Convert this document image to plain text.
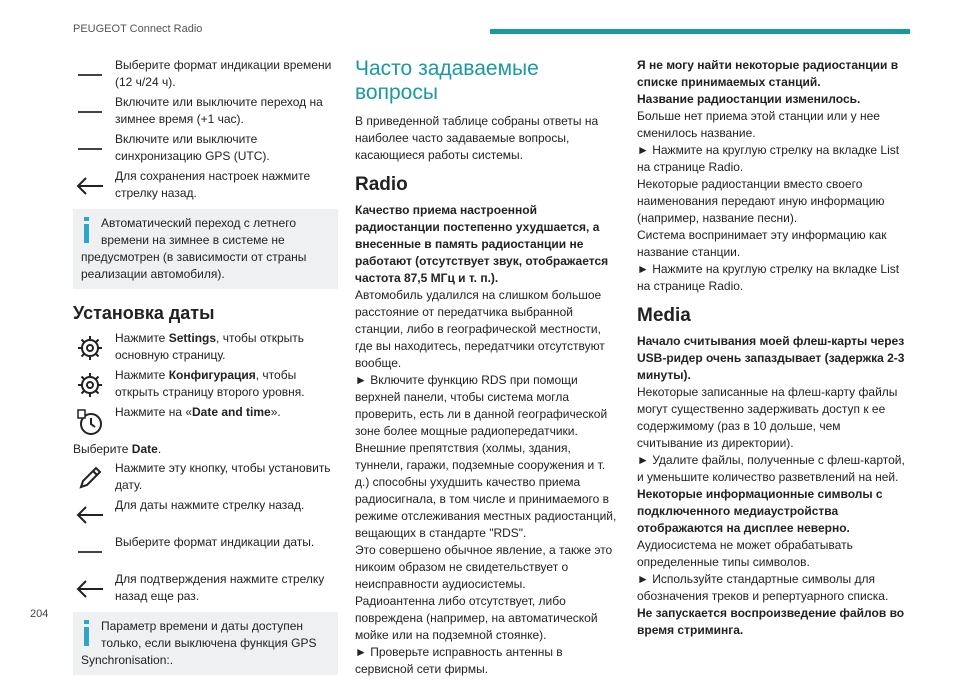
PEUGEOT Connect Radio
Выберите формат индикации времени (12 ч/24 ч).
Включите или выключите переход на зимнее время (+1 час).
Включите или выключите синхронизацию GPS (UTC).
Для сохранения настроек нажмите стрелку назад.
Автоматический переход с летнего времени на зимнее в системе не предусмотрен (в зависимости от страны реализации автомобиля).
Установка даты
Нажмите Settings, чтобы открыть основную страницу.
Нажмите Конфигурация, чтобы открыть страницу второго уровня.
Нажмите на «Date and time».
Выберите Date.
Нажмите эту кнопку, чтобы установить дату.
Для даты нажмите стрелку назад.
Выберите формат индикации даты.
Для подтверждения нажмите стрелку назад еще раз.
Параметр времени и даты доступен только, если выключена функция GPS Synchronisation:.
Часто задаваемые вопросы

В приведенной таблице собраны ответы на наиболее часто задаваемые вопросы, касающиеся работы системы.

Radio

Качество приема настроенной радиостанции постепенно ухудшается, а внесенные в память радиостанции не работают (отсутствует звук, отображается частота 87,5 МГц и т. п.).

Автомобиль удалился на слишком большое расстояние от передатчика выбранной станции, либо в географической местности, где вы находитесь, передатчики отсутствуют вообще.

► Включите функцию RDS при помощи верхней панели, чтобы система могла проверить, есть ли в данной географической зоне более мощные радиопередатчики.

Внешние препятствия (холмы, здания, туннели, гаражи, подземные сооружения и т. д.) способны ухудшить качество приема радиосигнала, в том числе и принимаемого в режиме отслеживания местных радиостанций, вещающих в стандарте "RDS".

Это совершено обычное явление, а также это никоим образом не свидетельствует о неисправности аудиосистемы.

Радиоантенна либо отсутствует, либо повреждена (например, на автоматической мойке или на подземной стоянке).

► Проверьте исправность антенны в сервисной сети фирмы.

Я не могу найти некоторые радиостанции в списке принимаемых станций.

Название радиостанции изменилось.

Больше нет приема этой станции или у нее сменилось название.

► Нажмите на круглую стрелку на вкладке List на странице Radio.

Некоторые радиостанции вместо своего наименования передают иную информацию (например, название песни).

Система воспринимает эту информацию как название станции.

► Нажмите на круглую стрелку на вкладке List на странице Radio.

Media

Начало считывания моей флеш-карты через USB-ридер очень запаздывает (задержка 2-3 минуты).

Некоторые записанные на флеш-карту файлы могут существенно задерживать доступ к ее содержимому (раз в 10 дольше, чем считывание из директории).

► Удалите файлы, полученные с флеш-картой, и уменьшите количество разветвлений на ней.

Некоторые информационные символы с подключенного медиаустройства отображаются на дисплее неверно.

Аудиосистема не может обрабатывать определенные типы символов.

► Используйте стандартные символы для обозначения треков и репертуарного списка.

Не запускается воспроизведение файлов во время стриминга.

204
